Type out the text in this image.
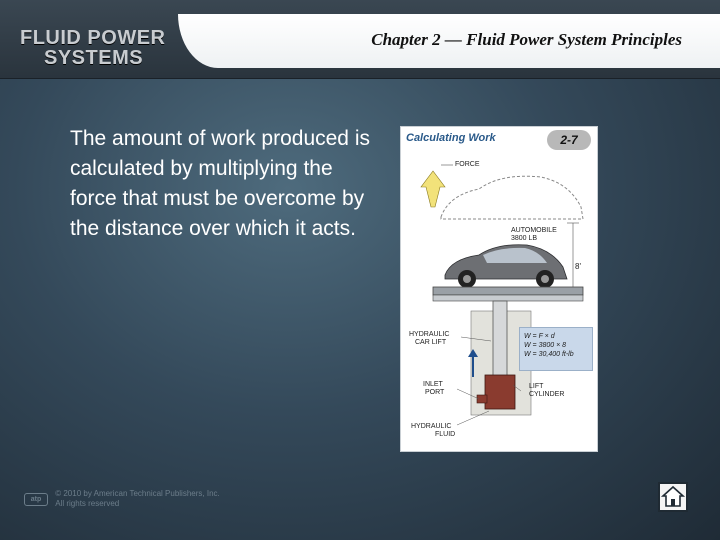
FLUID POWER
SYSTEMS
Chapter 2 — Fluid Power System Principles
The amount of work produced is calculated by multiplying the force that must be overcome by the distance over which it acts.
Calculating Work	2-7
FORCE
AUTOMOBILE
3800 LB
8'
HYDRAULIC
CAR LIFT
INLET
PORT
LIFT
CYLINDER
HYDRAULIC
FLUID
W = F × d
W = 3800 × 8
W = 30,400 ft-lb
atp
© 2010 by American Technical Publishers, Inc.
All rights reserved
